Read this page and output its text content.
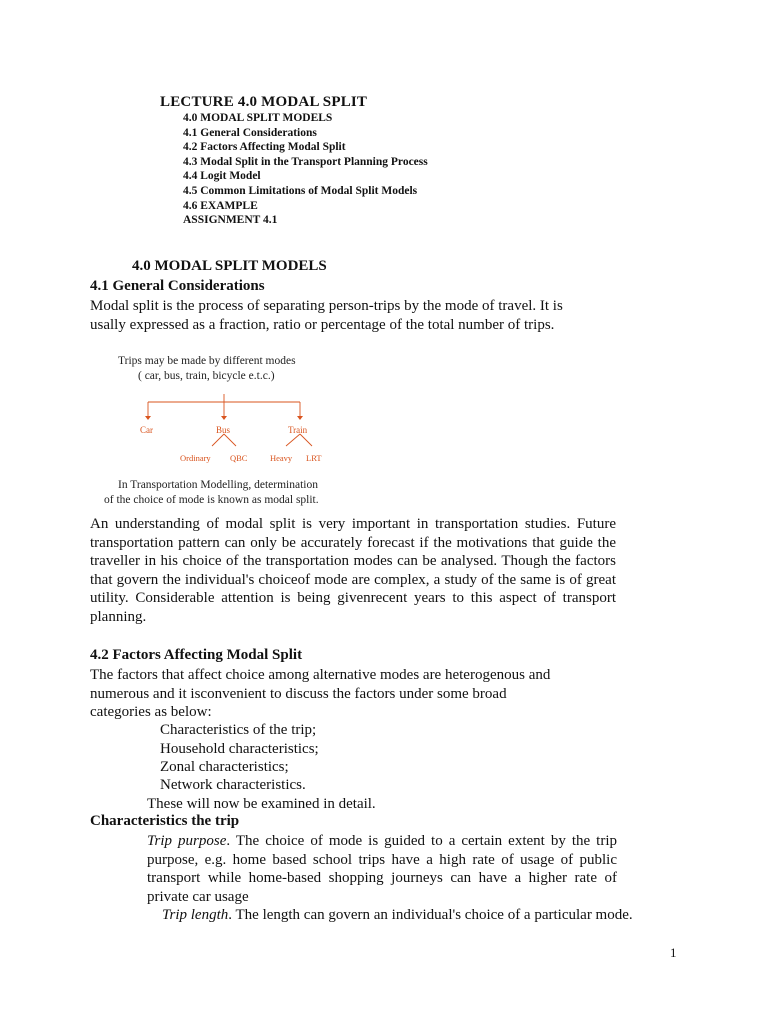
LECTURE 4.0 MODAL SPLIT
4.0 MODAL SPLIT MODELS
4.1 General Considerations
4.2 Factors Affecting Modal Split
4.3 Modal Split in the Transport Planning Process
4.4 Logit Model
4.5 Common Limitations of Modal Split Models
4.6 EXAMPLE
ASSIGNMENT 4.1
4.0 MODAL SPLIT MODELS
4.1 General Considerations
Modal split is the process of separating person-trips by the mode of travel. It is
usally expressed as a fraction, ratio or percentage of the total number of trips.
Trips may be made by different modes
( car, bus, train, bicycle e.t.c.)
Car	Bus	Train
Ordinary QBC	Heavy LRT
In Transportation Modelling, determination
of the choice of mode is known as modal split.
An understanding of modal split is very important in transportation studies. Future transportation pattern can only be accurately forecast if the motivations that guide the traveller in his choice of the transportation modes can be analysed. Though the factors that govern the individual's choiceof mode are complex, a study of the same is of great utility. Considerable attention is being givenrecent years to this aspect of transport planning.
4.2 Factors Affecting Modal Split
The factors that affect choice among alternative modes are heterogenous and
numerous and it isconvenient to discuss the factors under some broad
categories as below:
Characteristics of the trip;
Household characteristics;
Zonal characteristics;
Network characteristics.
These will now be examined in detail.
Characteristics the trip
Trip purpose. The choice of mode is guided to a certain extent by the trip purpose, e.g. home based school trips have a high rate of usage of public transport while home-based shopping journeys can have a higher rate of private car usage
Trip length. The length can govern an individual's choice of a particular mode.
1
